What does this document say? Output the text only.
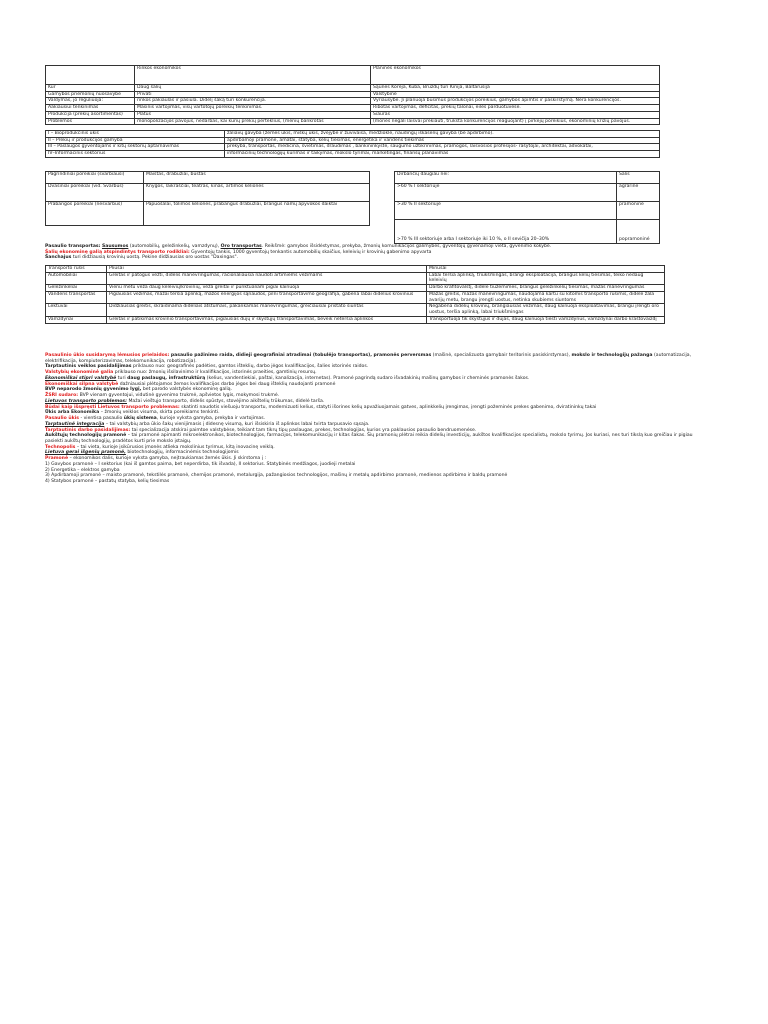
	Rinkos ekonomikos	Planinės ekonomikos
Kur	Daug šalių	Sąunės Korėja, Kuba, Bruzdų turi Kinija, Baltarusija
Gamybos priemonių nuosavybė	Privati	Valstybinė
Valdymas, jo reguliuoja:	rinkos pakiaulas ir pasiūla. Didelį šaką turi konkurencija.	Vyriausybė. Ji planuoja būsimus produkcijos poreikius, gamybos apimtis ir paskirstymą. Nėra konkurencijos.
Aakiausiui tenkinimas	Masinis vartojimas, visų vartotojų poreikių tenkinimas.	Ribotas vartojimas, deficitas, prekių talonai, eilės parduotuvėse.
Produkcija (prekių asortimentas)	Platus	Siauras
Problemos	monopolizacijos pavojus, nedarbas, kai kurių prekių perteklius, (menių bankrotas	(monės negali laisvai prekiauti, trūksta konkurencijos reaguojant) į pirkėjų poreikius, ekonominių krizių pavojus.
I – Bioprodukcinis ūkis	žaliavų gavyba (žemės ūkis, miškų ūkis, žvejybė ir žuvivaisa, medžioklė, naudingų iškasenų gavyba (be apdirbimo).
II – Prekių ir produkcijos gamyba	apdirbamoji pramonė, amatai, statyba, kelių tiesimas, energetika ir vandens tiekimas
III – Paslaugos gyventojams ir kitų sektorių aptarnavimas	prekyba, transportas, medicina, švietimas, draudimas , bankininkystė, saugumo užtikrinimas, pramogos, laisvosios profesijos- rašytojai, architektai, advokatai,
IV–Informacinis sektorius	informacinių technologijų kūrimas ir taikymas, mokslo tyrimai, marketingas, finansų planavimas
Pagrindiniai poreikiai (svarbiausi)	Maistas, drabužiai, būstas
Dvasiniai poreikiai (vid. Svarbūs)	Knygos, laikraščiai, teatras, kinas, artimos kelionės
Prabangos poreikiai (nesvarbūs)	Papuošalai, tolimos kelionės, prabangūs drabužiai, brangūs namų apyvokos daiktai
Dirbančių daugiau nei:	Šalis
>60 % I sektoriuje	agrarinė
>30 % II sektoriuje	pramoninė
>70 % III sektoriuje arba I sektoriuje iki 10 %, o II sevičija 20–30%	popramoninė

Pasaulio transportas: Sausumos (automobilių, geležinkelių, vamzdynų), Oro transportas. Reikšmė: gamybos išsidėstymas, prekyba, žmonių komunikacijos galimybės, gyventojų gyvenamoji vieta, gyvenimo kokybė.

Šalių ekonominę galią atspindintys transporto rodikliai: Gyventojų tankis, 1000 gyventojų tenkantis automobilių skaičius, keleivių ir krovinių gabenimo apyvarta

Šanchajus turi didžiausią krovinių uostą. Pekine didžiausias oro uostas "Daxingas".

Transporto rūšis	Pliusai	Minusai
Automobiliai	Greitas ir patogus vežti, didelis manevringumas, racionaliausia naudoti artimiems vežimams	Labai teršia aplinką, triukšmingas, brangi eksploatacija, brangūs kelių tiesimas, teiko nedaug keleivių
Geležinkeliai	Vienu metu veža daug keleivių/krovinių, veža greitai ir punktualiam pigiai kainuoja	Darbo krafitovalstį, didelė tiužemimes, brangūs geležinkelių tiesimas, mažas manevringumas
Vandens transportas	Pigiausias vežimas, mažai teršia aplinką, mažos energijos sąnaudos, pilni transportavimo geografija, gabena labai didelius krovinius	Mažas greitis, mažas manevringumas, naudojama kartu su kitomis transporto rūšimis, didelė žala avarijų metu, brangu įrengti uostus, netinka skubiems siuntoms
Lėktuvai	Didžiausias greitis, skraidinama dideliais atstumais, pakankamas manevringumas, greičiausiai pristato siuntas	Negabena didelių krovinių, brangiausias vežimas, daug kainuoja eksploatavimas, brangu įrengti oro uostus, teršia aplinką, labai triukšmingas
Vamzdynai	Greitas ir patikimas krovinio transportavimas, pigiausias dujų ir skystųjų transportavimas, beveik neteršia aplinkos	Transportuoja tik skystųjus ir dujas, daug kainuoja tiesti vamzdynus, vamzdynai darbo kraštovaizdį

Pasaulinio ūkio susidarymą lėmusios prielaidos: pasaulio pažinimo raida, didieji geografiniai atradimai (tobulėjo transportas), pramonės perversmas (mašinė, specializuota gamybair teritorinis pasiskirstymas), mokslo ir technologijų pažanga (automatizacija, elektrifikacija, kompiuterizavimas, telekomunikacija, robotizacija).

Tarptautinis veiklos pasidalijimas priklauso nuo: geografinės padėties, gamtos išteklių, darbo jėgos kvalifikacijos, šalies istorinės raidos.

Valstybių ekonominė galia priklauso nuo: žmonių išsilavinimo ir kvalifikacijos, istorinės praeities, gamtinių resursų.

Ekonomiškai stipri valstybė turi daug paslaugų, infrastruktūrą (kelius, vandentiekiai, paštai, kanalizacija, internetas). Pramonė pagrindą sudaro išvadakinių mašinų gamybos ir cheminės pramonės šakos.

Ekonomiškai silpna valstybė dažniausiai plėtojamos žemos kvalifikacijos darbo jėgos bei daug išteklių naudojanti pramonė

BVP neparodo žmonių gyvenimo lygį, bet parodo valstybės ekonominę galią.

ŽSRI sudaro: BVP vienam gyventojui, vidutinė gyvenimo trukmė, apšvietos lygis, mokymosi trukmė.

Lietuvos transporto problemos: Mažai vieštųjo transporto, didelis spūstys, stovėjimo aikštelių trūkumas, didelė tarša.

Būdai kaip išspręsti Lietuvos transporto problemas: skatinti naudotis viešuoju transportu, modernizuoti kelius, statyti išorines kelių apvažiuojamais gatves, aplinkkelių įrengimas, įrengti požeminės prekes gabenimo, dviratininkų takai

Ūkis arba Ekonomika – žmonių veiklos visuma, skirta poreikiams tenkinti.

Pasaulio ūkis - vientisa pasaulio ūkių sistema, kurioje vyksta gamyba, prekyba ir vartojimas.

Tarptautinė integracija – tai valstybių arba ūkio šakų vienijimasis į didesnę visumą, kuri išsiskiria iš aplinkos labai tvirta tarpusavio sąsaja.

Tarptautinis darbo pasidalijimas: tai specializacija atskirai paimtoe valstybėse, teikiant tam tikrų tipų paslaugas, prekes, technologijas, kurios yra paklausios pasaulio bendruomenėse.

Aukštųjų technologijų pramonė – tai pramonė apimanti mikroelektronikos, biotechnologijos, farmacijos, telekomunikacijų ir kitas šakas. Šių pramonių plėtrai reikia didelių investicijų, aukštos kvalifikacijos specialistų, mokslo tyrimų. Jos kuriasi, nes turi tikslą kuo greičiau ir pigiau pasiekti aukštų technologijų, pradėtos kurti prie mokslo įstaigų.

Technopolis – tai vieta, kurioje įsikūrusios įmonės atlieka mokslinius tyrimus, kitą inovacinę veiklą.

Lietuva gerai išgenių pramonė, biotechnologijų, informacinėmis technologijomis

Pramonė – ekonomikos dalis, kurioje vyksta gamyba, neįtraukiamas žemės ūkis. Ji skirstoma į :

1) Gavybos pramonė – I sektorius (kai iš gamtos paima, bet neperdirba, tik išvada), II sektorius. Statybinės medžiagos, juodieji metalai

2) Energetika – elektros gamyba

3) Apdirbamoji pramonė – maisto pramonė, tekstilės pramonė, chemijos pramonė, metalurgija, pažangiosios technologijos, mašinų ir metalų apdirbimo pramonė, medienos apdirbimo ir baldų pramonė

4) Statybos pramonė – pastatų statyba, kelių tiesimas
